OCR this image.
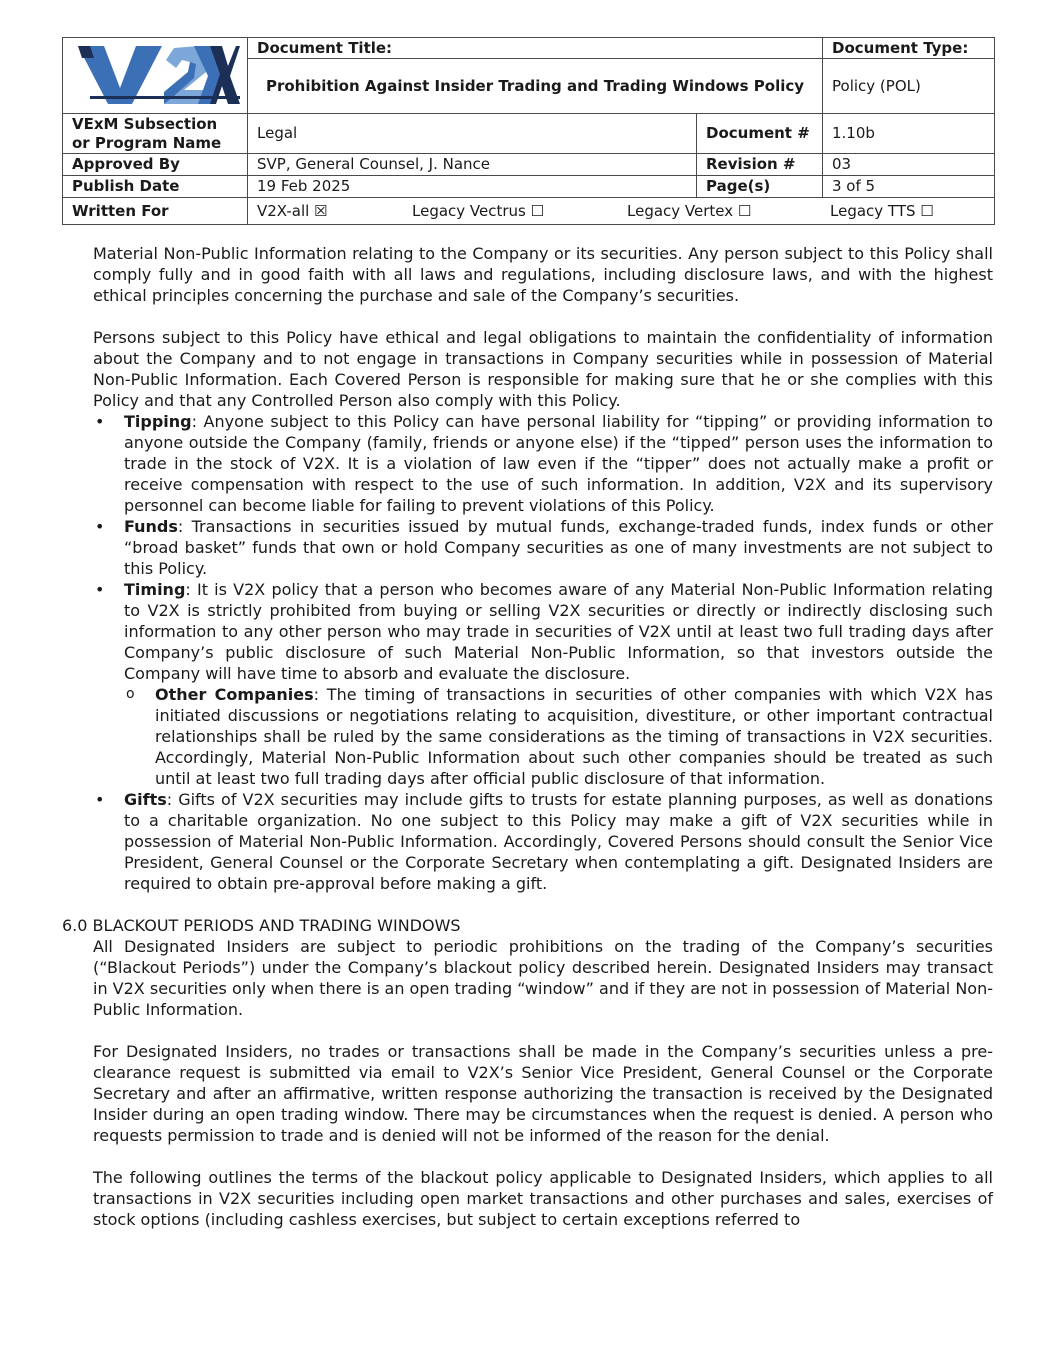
	Document Title:		Document Type:
	Prohibition Against Insider Trading and Trading Windows Policy		Policy (POL)
VExM Subsection or Program Name	Legal	Document #	1.10b
Approved By	SVP, General Counsel, J. Nance	Revision #	03
Publish Date	19 Feb 2025	Page(s)	3 of 5
Written For	V2X-all ☒ Legacy Vectrus ☐ Legacy Vertex ☐ Legacy TTS ☐		

Material Non-Public Information relating to the Company or its securities. Any person subject to this Policy shall comply fully and in good faith with all laws and regulations, including disclosure laws, and with the highest ethical principles concerning the purchase and sale of the Company’s securities.

Persons subject to this Policy have ethical and legal obligations to maintain the confidentiality of information about the Company and to not engage in transactions in Company securities while in possession of Material Non-Public Information. Each Covered Person is responsible for making sure that he or she complies with this Policy and that any Controlled Person also comply with this Policy.

• Tipping: Anyone subject to this Policy can have personal liability for “tipping” or providing information to anyone outside the Company (family, friends or anyone else) if the “tipped” person uses the information to trade in the stock of V2X. It is a violation of law even if the “tipper” does not actually make a profit or receive compensation with respect to the use of such information. In addition, V2X and its supervisory personnel can become liable for failing to prevent violations of this Policy.
• Funds: Transactions in securities issued by mutual funds, exchange-traded funds, index funds or other “broad basket” funds that own or hold Company securities as one of many investments are not subject to this Policy.
• Timing: It is V2X policy that a person who becomes aware of any Material Non-Public Information relating to V2X is strictly prohibited from buying or selling V2X securities or directly or indirectly disclosing such information to any other person who may trade in securities of V2X until at least two full trading days after Company’s public disclosure of such Material Non-Public Information, so that investors outside the Company will have time to absorb and evaluate the disclosure.
o Other Companies: The timing of transactions in securities of other companies with which V2X has initiated discussions or negotiations relating to acquisition, divestiture, or other important contractual relationships shall be ruled by the same considerations as the timing of transactions in V2X securities. Accordingly, Material Non-Public Information about such other companies should be treated as such until at least two full trading days after official public disclosure of that information.
• Gifts: Gifts of V2X securities may include gifts to trusts for estate planning purposes, as well as donations to a charitable organization. No one subject to this Policy may make a gift of V2X securities while in possession of Material Non-Public Information. Accordingly, Covered Persons should consult the Senior Vice President, General Counsel or the Corporate Secretary when contemplating a gift. Designated Insiders are required to obtain pre-approval before making a gift.
6.0 BLACKOUT PERIODS AND TRADING WINDOWS

All Designated Insiders are subject to periodic prohibitions on the trading of the Company’s securities (“Blackout Periods”) under the Company’s blackout policy described herein. Designated Insiders may transact in V2X securities only when there is an open trading “window” and if they are not in possession of Material Non-Public Information.

For Designated Insiders, no trades or transactions shall be made in the Company’s securities unless a pre-clearance request is submitted via email to V2X’s Senior Vice President, General Counsel or the Corporate Secretary and after an affirmative, written response authorizing the transaction is received by the Designated Insider during an open trading window. There may be circumstances when the request is denied. A person who requests permission to trade and is denied will not be informed of the reason for the denial.

The following outlines the terms of the blackout policy applicable to Designated Insiders, which applies to all transactions in V2X securities including open market transactions and other purchases and sales, exercises of stock options (including cashless exercises, but subject to certain exceptions referred to
